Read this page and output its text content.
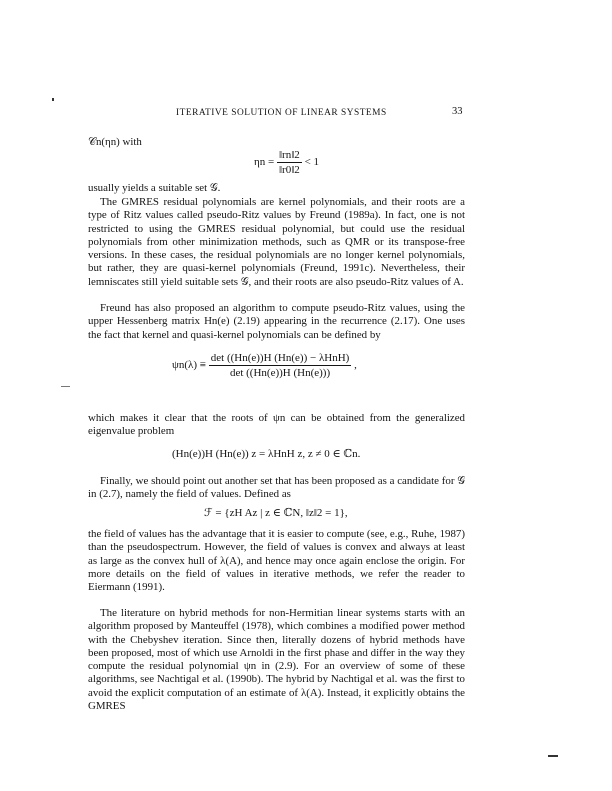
ITERATIVE SOLUTION OF LINEAR SYSTEMS	33
𝒞n(ηn) with
$\eta n = \frac{‖rn‖2}{‖r0‖2} < 1$
usually yields a suitable set 𝒢.
The GMRES residual polynomials are kernel polynomials, and their roots are a type of Ritz values called pseudo-Ritz values by Freund (1989a). In fact, one is not restricted to using the GMRES residual polynomial, but could use the residual polynomials from other minimization methods, such as QMR or its transpose-free versions. In these cases, the residual polynomials are no longer kernel polynomials, but rather, they are quasi-kernel polynomials (Freund, 1991c). Nevertheless, their lemniscates still yield suitable sets 𝒢, and their roots are also pseudo-Ritz values of A.
Freund has also proposed an algorithm to compute pseudo-Ritz values, using the upper Hessenberg matrix Hn(e) (2.19) appearing in the recurrence (2.17). One uses the fact that kernel and quasi-kernel polynomials can be defined by
$\psi n(\lambda) \equiv \frac{\text{det ((Hn(e))H (Hn(e)) − λHnH)}}{\det ((Hn(e))H (Hn(e)))}$ ,
which makes it clear that the roots of ψn can be obtained from the generalized eigenvalue problem
(Hn(e))H (Hn(e)) z = λHnH z, z ≠ 0 ∈ ℂn.
Finally, we should point out another set that has been proposed as a candidate for 𝒢 in (2.7), namely the field of values. Defined as
ℱ = {zH Az | z ∈ ℂN, ‖z‖2 = 1},
the field of values has the advantage that it is easier to compute (see, e.g., Ruhe, 1987) than the pseudospectrum. However, the field of values is convex and always at least as large as the convex hull of λ(A), and hence may once again enclose the origin. For more details on the field of values in iterative methods, we refer the reader to Eiermann (1991).
The literature on hybrid methods for non-Hermitian linear systems starts with an algorithm proposed by Manteuffel (1978), which combines a modified power method with the Chebyshev iteration. Since then, literally dozens of hybrid methods have been proposed, most of which use Arnoldi in the first phase and differ in the way they compute the residual polynomial ψn in (2.9). For an overview of some of these algorithms, see Nachtigal et al. (1990b). The hybrid by Nachtigal et al. was the first to avoid the explicit computation of an estimate of λ(A). Instead, it explicitly obtains the GMRES
